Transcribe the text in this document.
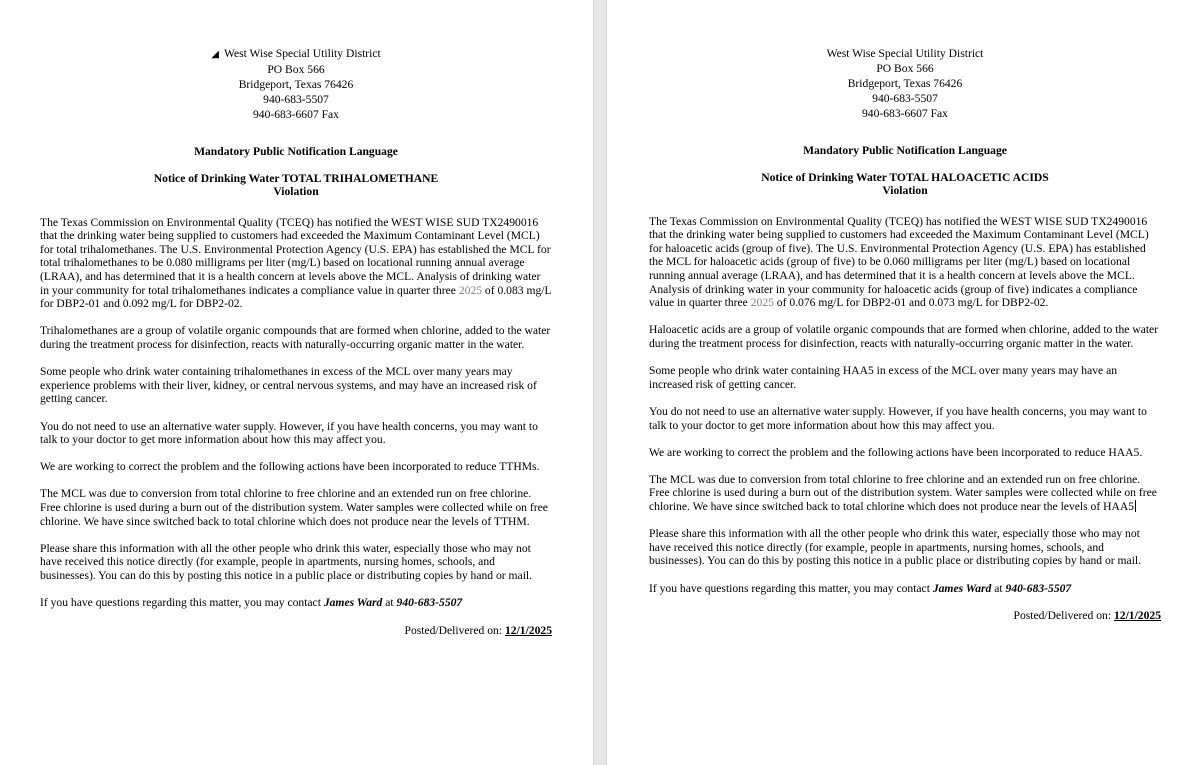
◢ West Wise Special Utility District
PO Box 566
Bridgeport, Texas 76426
940-683-5507
940-683-6607 Fax
Mandatory Public Notification Language
Notice of Drinking Water TOTAL TRIHALOMETHANE
Violation

The Texas Commission on Environmental Quality (TCEQ) has notified the WEST WISE SUD TX2490016 that the drinking water being supplied to customers had exceeded the Maximum Contaminant Level (MCL) for total trihalomethanes. The U.S. Environmental Protection Agency (U.S. EPA) has established the MCL for total trihalomethanes to be 0.080 milligrams per liter (mg/L) based on locational running annual average (LRAA), and has determined that it is a health concern at levels above the MCL. Analysis of drinking water in your community for total trihalomethanes indicates a compliance value in quarter three 2025 of 0.083 mg/L for DBP2-01 and 0.092 mg/L for DBP2-02.

Trihalomethanes are a group of volatile organic compounds that are formed when chlorine, added to the water during the treatment process for disinfection, reacts with naturally-occurring organic matter in the water.

Some people who drink water containing trihalomethanes in excess of the MCL over many years may experience problems with their liver, kidney, or central nervous systems, and may have an increased risk of getting cancer.

You do not need to use an alternative water supply. However, if you have health concerns, you may want to talk to your doctor to get more information about how this may affect you.

We are working to correct the problem and the following actions have been incorporated to reduce TTHMs.

The MCL was due to conversion from total chlorine to free chlorine and an extended run on free chlorine. Free chlorine is used during a burn out of the distribution system. Water samples were collected while on free chlorine. We have since switched back to total chlorine which does not produce near the levels of TTHM.

Please share this information with all the other people who drink this water, especially those who may not have received this notice directly (for example, people in apartments, nursing homes, schools, and businesses). You can do this by posting this notice in a public place or distributing copies by hand or mail.

If you have questions regarding this matter, you may contact James Ward at 940-683-5507

Posted/Delivered on: 12/1/2025
West Wise Special Utility District
PO Box 566
Bridgeport, Texas 76426
940-683-5507
940-683-6607 Fax
Mandatory Public Notification Language
Notice of Drinking Water TOTAL HALOACETIC ACIDS
Violation

The Texas Commission on Environmental Quality (TCEQ) has notified the WEST WISE SUD TX2490016 that the drinking water being supplied to customers had exceeded the Maximum Contaminant Level (MCL) for haloacetic acids (group of five). The U.S. Environmental Protection Agency (U.S. EPA) has established the MCL for haloacetic acids (group of five) to be 0.060 milligrams per liter (mg/L) based on locational running annual average (LRAA), and has determined that it is a health concern at levels above the MCL. Analysis of drinking water in your community for haloacetic acids (group of five) indicates a compliance value in quarter three 2025 of 0.076 mg/L for DBP2-01 and 0.073 mg/L for DBP2-02.

Haloacetic acids are a group of volatile organic compounds that are formed when chlorine, added to the water during the treatment process for disinfection, reacts with naturally-occurring organic matter in the water.

Some people who drink water containing HAA5 in excess of the MCL over many years may have an increased risk of getting cancer.

You do not need to use an alternative water supply. However, if you have health concerns, you may want to talk to your doctor to get more information about how this may affect you.

We are working to correct the problem and the following actions have been incorporated to reduce HAA5.

The MCL was due to conversion from total chlorine to free chlorine and an extended run on free chlorine. Free chlorine is used during a burn out of the distribution system. Water samples were collected while on free chlorine. We have since switched back to total chlorine which does not produce near the levels of HAA5

Please share this information with all the other people who drink this water, especially those who may not have received this notice directly (for example, people in apartments, nursing homes, schools, and businesses). You can do this by posting this notice in a public place or distributing copies by hand or mail.

If you have questions regarding this matter, you may contact James Ward at 940-683-5507

Posted/Delivered on: 12/1/2025
